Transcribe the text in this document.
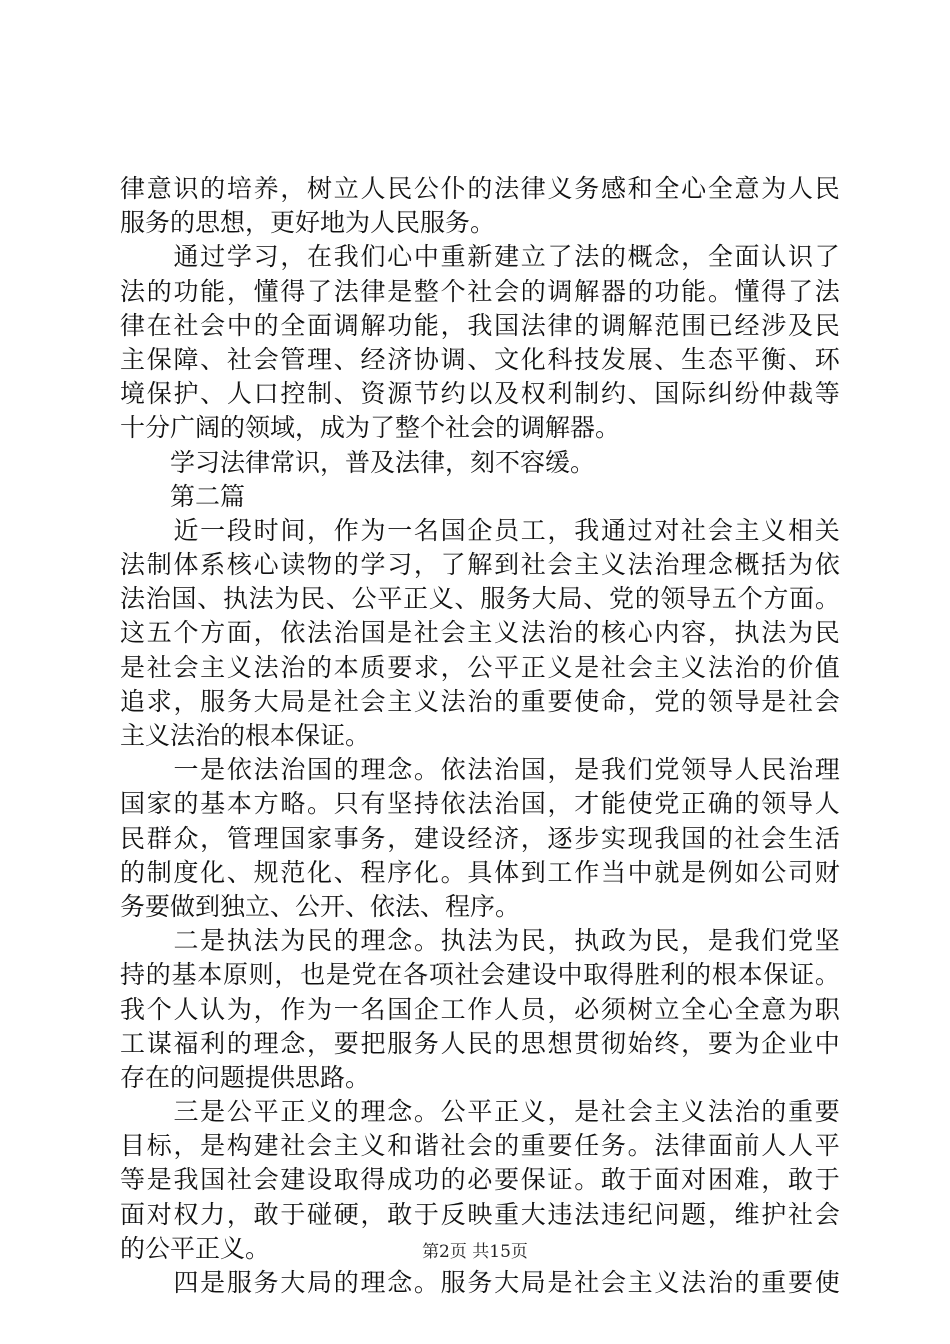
律 意 识 的 培 养 ， 树 立 人 民 公 仆 的 法 律 义 务 感 和 全 心 全 意 为 人 民
服务的思想，更好地为人民服务。

通 过 学 习 ， 在 我 们 心 中 重 新 建 立 了 法 的 概 念 ， 全 面 认 识 了
法 的 功 能 ， 懂 得 了 法 律 是 整 个 社 会 的 调 解 器 的 功 能 。 懂 得 了 法
律 在 社 会 中 的 全 面 调 解 功 能 ， 我 国 法 律 的 调 解 范 围 已 经 涉 及 民
主 保 障 、 社 会 管 理 、 经 济 协 调 、 文 化 科 技 发 展 、 生 态 平 衡 、 环
境 保 护 、 人 口 控 制 、 资 源 节 约 以 及 权 利 制 约 、 国 际 纠 纷 仲 裁 等
十分广阔的领域，成为了整个社会的调解器。
　　学习法律常识，普及法律，刻不容缓。
　　第二篇

近 一 段 时 间 ， 作 为 一 名 国 企 员 工 ， 我 通 过 对 社 会 主 义 相 关
法 制 体 系 核 心 读 物 的 学 习 ， 了 解 到 社 会 主 义 法 治 理 念 概 括 为 依
法 治 国 、 执 法 为 民 、 公 平 正 义 、 服 务 大 局 、 党 的 领 导 五 个 方 面 。
这 五 个 方 面 ， 依 法 治 国 是 社 会 主 义 法 治 的 核 心 内 容 ， 执 法 为 民
是 社 会 主 义 法 治 的 本 质 要 求 ， 公 平 正 义 是 社 会 主 义 法 治 的 价 值
追 求 ， 服 务 大 局 是 社 会 主 义 法 治 的 重 要 使 命 ， 党 的 领 导 是 社 会
主义法治的根本保证。

一 是 依 法 治 国 的 理 念 。 依 法 治 国 ， 是 我 们 党 领 导 人 民 治 理
国 家 的 基 本 方 略 。 只 有 坚 持 依 法 治 国 ， 才 能 使 党 正 确 的 领 导 人
民 群 众 ， 管 理 国 家 事 务 ， 建 设 经 济 ， 逐 步 实 现 我 国 的 社 会 生 活
的 制 度 化 、 规 范 化 、 程 序 化 。 具 体 到 工 作 当 中 就 是 例 如 公 司 财
务要做到独立、公开、依法、程序。

二 是 执 法 为 民 的 理 念 。 执 法 为 民 ， 执 政 为 民 ， 是 我 们 党 坚
持 的 基 本 原 则 ， 也 是 党 在 各 项 社 会 建 设 中 取 得 胜 利 的 根 本 保 证 。
我 个 人 认 为 ， 作 为 一 名 国 企 工 作 人 员 ， 必 须 树 立 全 心 全 意 为 职
工 谋 福 利 的 理 念 ， 要 把 服 务 人 民 的 思 想 贯 彻 始 终 ， 要 为 企 业 中
存在的问题提供思路。

三 是 公 平 正 义 的 理 念 。 公 平 正 义 ， 是 社 会 主 义 法 治 的 重 要
目 标 ， 是 构 建 社 会 主 义 和 谐 社 会 的 重 要 任 务 。 法 律 面 前 人 人 平
等 是 我 国 社 会 建 设 取 得 成 功 的 必 要 保 证 。 敢 于 面 对 困 难 ， 敢 于
面 对 权 力 ， 敢 于 碰 硬 ， 敢 于 反 映 重 大 违 法 违 纪 问 题 ， 维 护 社 会
的公平正义。

四 是 服 务 大 局 的 理 念 。 服 务 大 局 是 社 会 主 义 法 治 的 重 要 使
第2页 共15页
